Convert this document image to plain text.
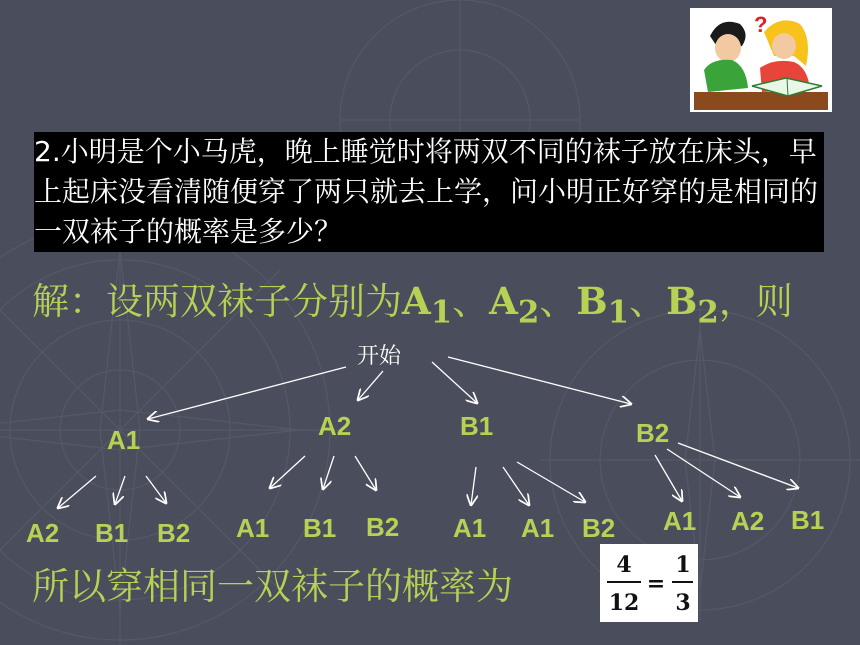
?
2.小明是个小马虎，晚上睡觉时将两双不同的袜子放在床头，早上起床没看清随便穿了两只就去上学，问小明正好穿的是相同的一双袜子的概率是多少？
解：设两双袜子分别为$A_1$、$A_2$、$B_1$、$B_2$，则
开始
A1	A2	B1	B2
A2 B1 B2 A1 B1 B2 A1 A1 B2 A1 A2 B1
所以穿相同一双袜子的概率为	4
12
=
1
3
